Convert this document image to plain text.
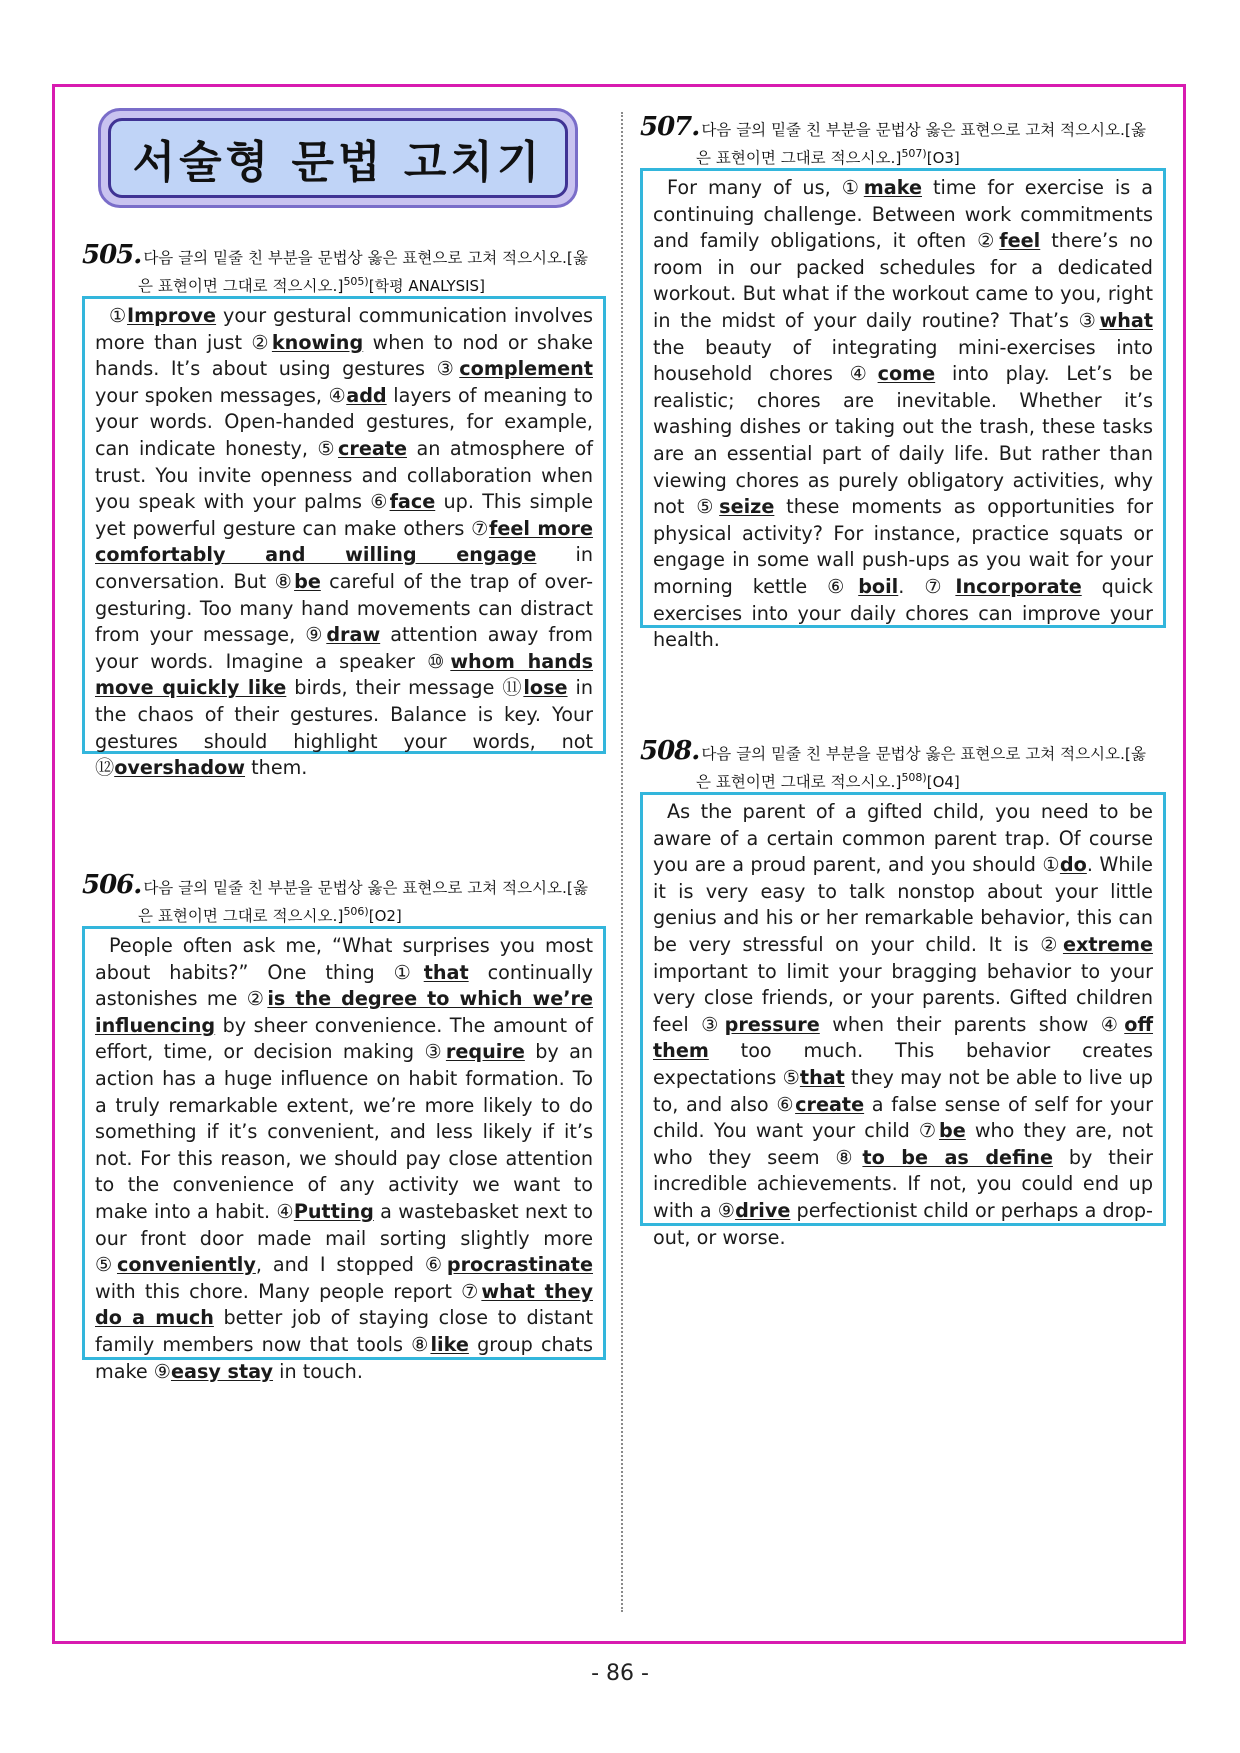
서술형 문법 고치기
505. 다음 글의 밑줄 친 부분을 문법상 옳은 표현으로 고쳐 적으시오.[옳
은 표현이면 그대로 적으시오.]$^{505)}$[학평 ANALYSIS]

①Improve your gestural communication involves more than just ②knowing when to nod or shake hands. It’s about using gestures ③complement your spoken messages, ④add layers of meaning to your words. Open-handed gestures, for example, can indicate honesty, ⑤create an atmosphere of trust. You invite openness and collaboration when you speak with your palms ⑥face up. This simple yet powerful gesture can make others ⑦feel more comfortably and willing engage in conversation. But ⑧be careful of the trap of over-gesturing. Too many hand movements can distract from your message, ⑨draw attention away from your words. Imagine a speaker ⑩whom hands move quickly like birds, their message ⑪lose in the chaos of their gestures. Balance is key. Your gestures should highlight your words, not ⑫overshadow them.

506. 다음 글의 밑줄 친 부분을 문법상 옳은 표현으로 고쳐 적으시오.[옳
은 표현이면 그대로 적으시오.]$^{506)}$[O2]

People often ask me, “What surprises you most about habits?” One thing ①that continually astonishes me ②is the degree to which we’re influencing by sheer convenience. The amount of effort, time, or decision making ③require by an action has a huge influence on habit formation. To a truly remarkable extent, we’re more likely to do something if it’s convenient, and less likely if it’s not. For this reason, we should pay close attention to the convenience of any activity we want to make into a habit. ④Putting a wastebasket next to our front door made mail sorting slightly more ⑤conveniently, and I stopped ⑥procrastinate with this chore. Many people report ⑦what they do a much better job of staying close to distant family members now that tools ⑧like group chats make ⑨easy stay in touch.

507. 다음 글의 밑줄 친 부분을 문법상 옳은 표현으로 고쳐 적으시오.[옳
은 표현이면 그대로 적으시오.]$^{507)}$[O3]

For many of us, ①make time for exercise is a continuing challenge. Between work commitments and family obligations, it often ②feel there’s no room in our packed schedules for a dedicated workout. But what if the workout came to you, right in the midst of your daily routine? That’s ③what the beauty of integrating mini-exercises into household chores ④come into play. Let’s be realistic; chores are inevitable. Whether it’s washing dishes or taking out the trash, these tasks are an essential part of daily life. But rather than viewing chores as purely obligatory activities, why not ⑤seize these moments as opportunities for physical activity? For instance, practice squats or engage in some wall push-ups as you wait for your morning kettle ⑥boil. ⑦Incorporate quick exercises into your daily chores can improve your health.

508. 다음 글의 밑줄 친 부분을 문법상 옳은 표현으로 고쳐 적으시오.[옳
은 표현이면 그대로 적으시오.]$^{508)}$[O4]

As the parent of a gifted child, you need to be aware of a certain common parent trap. Of course you are a proud parent, and you should ①do. While it is very easy to talk nonstop about your little genius and his or her remarkable behavior, this can be very stressful on your child. It is ②extreme important to limit your bragging behavior to your very close friends, or your parents. Gifted children feel ③pressure when their parents show ④off them too much. This behavior creates expectations ⑤that they may not be able to live up to, and also ⑥create a false sense of self for your child. You want your child ⑦be who they are, not who they seem ⑧to be as define by their incredible achievements. If not, you could end up with a ⑨drive perfectionist child or perhaps a drop-out, or worse.

- 86 -
